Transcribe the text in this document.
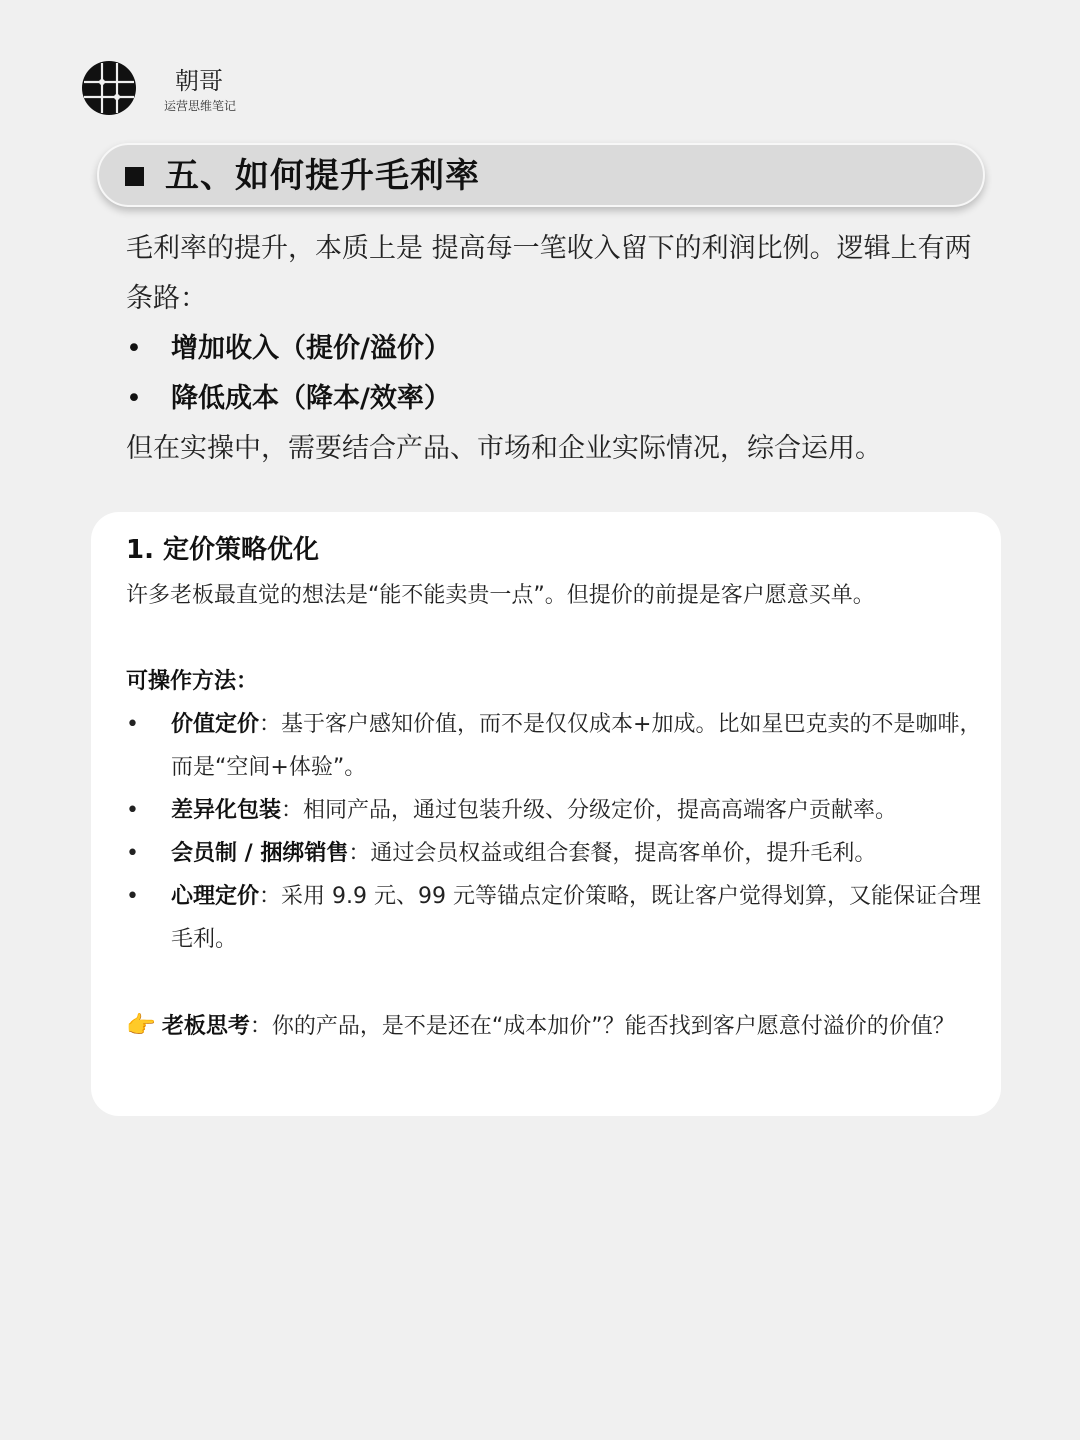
朝哥
运营思维笔记
五、如何提升毛利率

毛利率的提升，本质上是 提高每一笔收入留下的利润比例。逻辑上有两条路：

• 增加收入（提价/溢价）

• 降低成本（降本/效率）

但在实操中，需要结合产品、市场和企业实际情况，综合运用。

1. 定价策略优化

许多老板最直觉的想法是“能不能卖贵一点”。但提价的前提是客户愿意买单。

可操作方法：

• 价值定价：基于客户感知价值，而不是仅仅成本+加成。比如星巴克卖的不是咖啡，而是“空间+体验”。

• 差异化包装：相同产品，通过包装升级、分级定价，提高高端客户贡献率。

• 会员制 / 捆绑销售：通过会员权益或组合套餐，提高客单价，提升毛利。

• 心理定价：采用 9.9 元、99 元等锚点定价策略，既让客户觉得划算，又能保证合理毛利。

👉 老板思考：你的产品，是不是还在“成本加价”？能否找到客户愿意付溢价的价值？
